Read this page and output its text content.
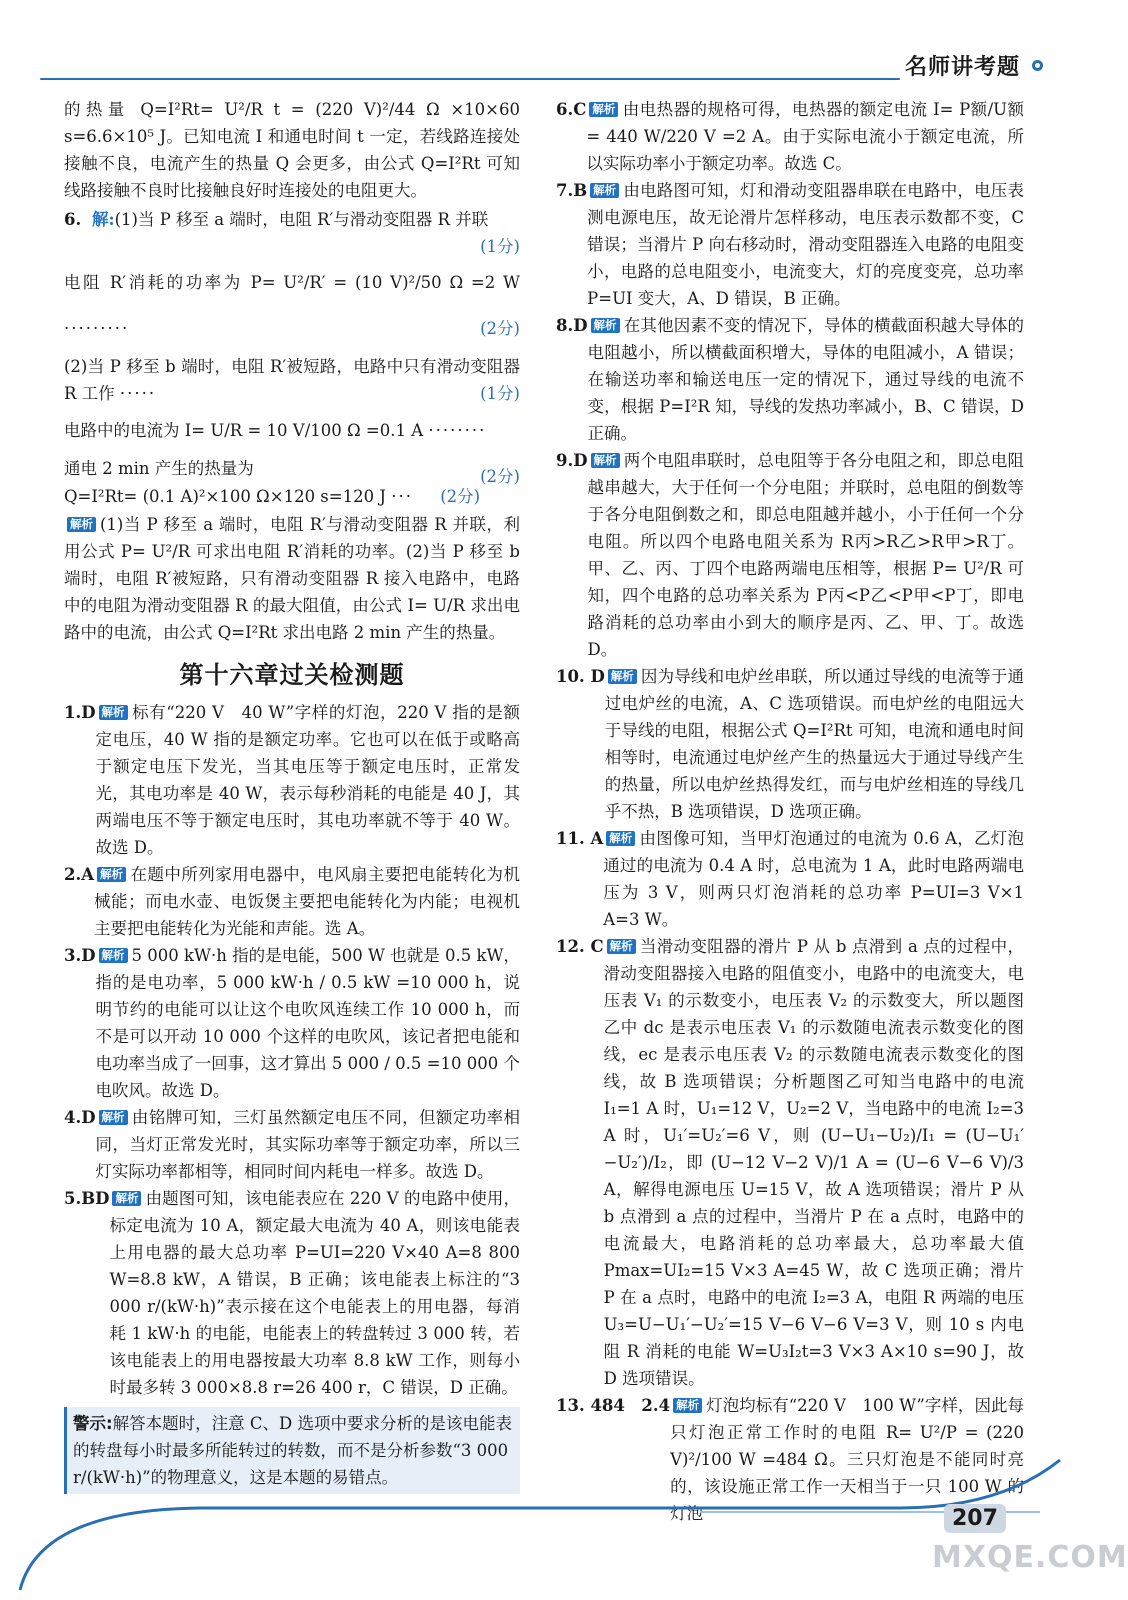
名师讲考题

的热量 Q=I²Rt= U²/R t = (220 V)²/44 Ω ×10×60 s=6.6×10⁵ J。已知电流 I 和通电时间 t 一定，若线路连接处接触不良，电流产生的热量 Q 会更多，由公式 Q=I²Rt 可知线路接触不良时比接触良好时连接处的电阻更大。

6. 解:(1)当 P 移至 a 端时，电阻 R′与滑动变阻器 R 并联
(1分)
电阻 R′消耗的功率为 P= U²/R′ = (10 V)²/50 Ω =2 W ·········	(2分)
(2)当 P 移至 b 端时，电阻 R′被短路，电路中只有滑动变阻器 R 工作 ·····	(1分)
电路中的电流为 I= U/R = 10 V/100 Ω =0.1 A ········
(2分)
通电 2 min 产生的热量为
Q=I²Rt= (0.1 A)²×100 Ω×120 s=120 J ··· (2分)
解析 (1)当 P 移至 a 端时，电阻 R′与滑动变阻器 R 并联，利用公式 P= U²/R 可求出电阻 R′消耗的功率。(2)当 P 移至 b 端时，电阻 R′被短路，只有滑动变阻器 R 接入电路中，电路中的电阻为滑动变阻器 R 的最大阻值，由公式 I= U/R 求出电路中的电流，由公式 Q=I²Rt 求出电路 2 min 产生的热量。
第十六章过关检测题
1.D 解析 标有“220 V　40 W”字样的灯泡，220 V 指的是额定电压，40 W 指的是额定功率。它也可以在低于或略高于额定电压下发光，当其电压等于额定电压时，正常发光，其电功率是 40 W，表示每秒消耗的电能是 40 J，其两端电压不等于额定电压时，其电功率就不等于 40 W。故选 D。
2.A 解析 在题中所列家用电器中，电风扇主要把电能转化为机械能；而电水壶、电饭煲主要把电能转化为内能；电视机主要把电能转化为光能和声能。选 A。
3.D 解析 5 000 kW·h 指的是电能，500 W 也就是 0.5 kW，指的是电功率，5 000 kW·h / 0.5 kW =10 000 h，说明节约的电能可以让这个电吹风连续工作 10 000 h，而不是可以开动 10 000 个这样的电吹风，该记者把电能和电功率当成了一回事，这才算出 5 000 / 0.5 =10 000 个电吹风。故选 D。
4.D 解析 由铭牌可知，三灯虽然额定电压不同，但额定功率相同，当灯正常发光时，其实际功率等于额定功率，所以三灯实际功率都相等，相同时间内耗电一样多。故选 D。
5.BD 解析 由题图可知，该电能表应在 220 V 的电路中使用，标定电流为 10 A，额定最大电流为 40 A，则该电能表上用电器的最大总功率 P=UI=220 V×40 A=8 800 W=8.8 kW，A 错误，B 正确；该电能表上标注的“3 000 r/(kW·h)”表示接在这个电能表上的用电器，每消耗 1 kW·h 的电能，电能表上的转盘转过 3 000 转，若该电能表上的用电器按最大功率 8.8 kW 工作，则每小时最多转 3 000×8.8 r=26 400 r，C 错误，D 正确。
警示:解答本题时，注意 C、D 选项中要求分析的是该电能表的转盘每小时最多所能转过的转数，而不是分析参数“3 000 r/(kW·h)”的物理意义，这是本题的易错点。
6.C 解析 由电热器的规格可得，电热器的额定电流 I= P额/U额 = 440 W/220 V =2 A。由于实际电流小于额定电流，所以实际功率小于额定功率。故选 C。
7.B 解析 由电路图可知，灯和滑动变阻器串联在电路中，电压表测电源电压，故无论滑片怎样移动，电压表示数都不变，C 错误；当滑片 P 向右移动时，滑动变阻器连入电路的电阻变小，电路的总电阻变小，电流变大，灯的亮度变亮，总功率 P=UI 变大，A、D 错误，B 正确。
8.D 解析 在其他因素不变的情况下，导体的横截面积越大导体的电阻越小，所以横截面积增大，导体的电阻减小，A 错误；在输送功率和输送电压一定的情况下，通过导线的电流不变，根据 P=I²R 知，导线的发热功率减小，B、C 错误，D 正确。
9.D 解析 两个电阻串联时，总电阻等于各分电阻之和，即总电阻越串越大，大于任何一个分电阻；并联时，总电阻的倒数等于各分电阻倒数之和，即总电阻越并越小，小于任何一个分电阻。所以四个电路电阻关系为 R丙>R乙>R甲>R丁。甲、乙、丙、丁四个电路两端电压相等，根据 P= U²/R 可知，四个电路的总功率关系为 P丙<P乙<P甲<P丁，即电路消耗的总功率由小到大的顺序是丙、乙、甲、丁。故选 D。
10. D 解析 因为导线和电炉丝串联，所以通过导线的电流等于通过电炉丝的电流，A、C 选项错误。而电炉丝的电阻远大于导线的电阻，根据公式 Q=I²Rt 可知，电流和通电时间相等时，电流通过电炉丝产生的热量远大于通过导线产生的热量，所以电炉丝热得发红，而与电炉丝相连的导线几乎不热，B 选项错误，D 选项正确。
11. A 解析 由图像可知，当甲灯泡通过的电流为 0.6 A，乙灯泡通过的电流为 0.4 A 时，总电流为 1 A，此时电路两端电压为 3 V，则两只灯泡消耗的总功率 P=UI=3 V×1 A=3 W。
12. C 解析 当滑动变阻器的滑片 P 从 b 点滑到 a 点的过程中，滑动变阻器接入电路的阻值变小，电路中的电流变大，电压表 V₁ 的示数变小，电压表 V₂ 的示数变大，所以题图乙中 dc 是表示电压表 V₁ 的示数随电流表示数变化的图线，ec 是表示电压表 V₂ 的示数随电流表示数变化的图线，故 B 选项错误；分析题图乙可知当电路中的电流 I₁=1 A 时，U₁=12 V，U₂=2 V，当电路中的电流 I₂=3 A 时，U₁′=U₂′=6 V，则 (U−U₁−U₂)/I₁ = (U−U₁′−U₂′)/I₂，即 (U−12 V−2 V)/1 A = (U−6 V−6 V)/3 A，解得电源电压 U=15 V，故 A 选项错误；滑片 P 从 b 点滑到 a 点的过程中，当滑片 P 在 a 点时，电路中的电流最大，电路消耗的总功率最大，总功率最大值 Pmax=UI₂=15 V×3 A=45 W，故 C 选项正确；滑片 P 在 a 点时，电路中的电流 I₂=3 A，电阻 R 两端的电压 U₃=U−U₁′−U₂′=15 V−6 V−6 V=3 V，则 10 s 内电阻 R 消耗的电能 W=U₃I₂t=3 V×3 A×10 s=90 J，故 D 选项错误。
13. 484　2.4 解析 灯泡均标有“220 V　100 W”字样，因此每只灯泡正常工作时的电阻 R= U²/P = (220 V)²/100 W =484 Ω。三只灯泡是不能同时亮的，该设施正常工作一天相当于一只 100 W 的灯泡	207
MXQE.COM
